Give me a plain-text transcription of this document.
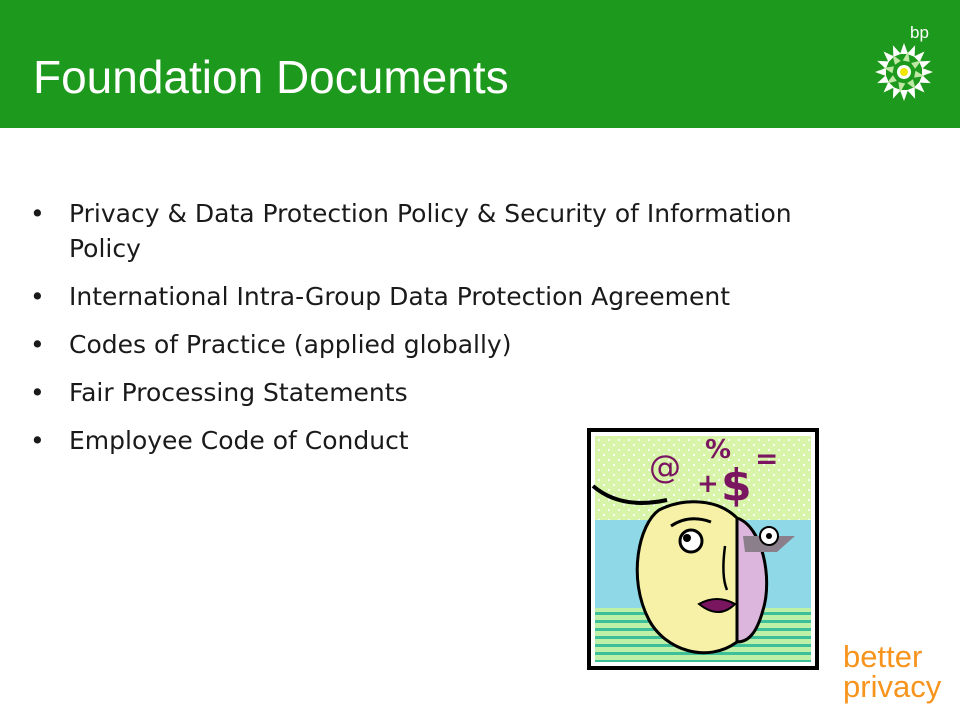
Foundation Documents
bp
• Privacy & Data Protection Policy & Security of Information Policy
• International Intra-Group Data Protection Agreement
• Codes of Practice (applied globally)
• Fair Processing Statements
• Employee Code of Conduct
@ %
+ $
=
better
privacy
